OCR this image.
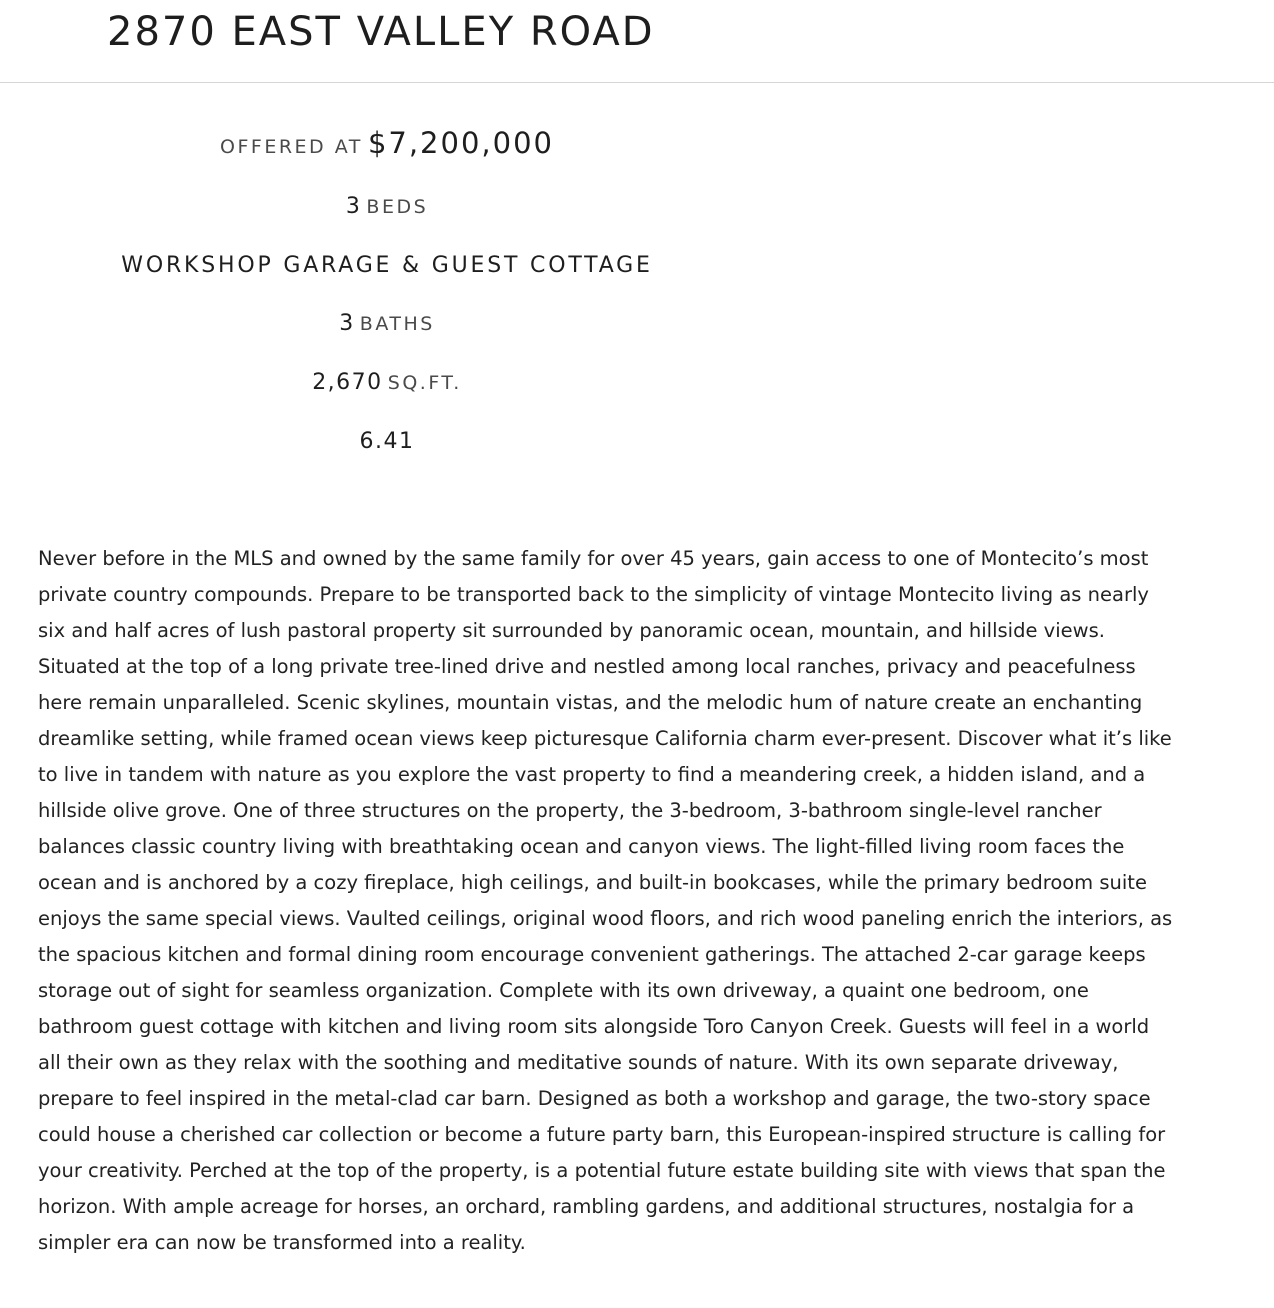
2870 EAST VALLEY ROAD
OFFERED AT $7,200,000
3 BEDS
WORKSHOP GARAGE & GUEST COTTAGE
3 BATHS
2,670 SQ.FT.
6.41

Never before in the MLS and owned by the same family for over 45 years, gain access to one of Montecito’s most private country compounds. Prepare to be transported back to the simplicity of vintage Montecito living as nearly six and half acres of lush pastoral property sit surrounded by panoramic ocean, mountain, and hillside views. Situated at the top of a long private tree-lined drive and nestled among local ranches, privacy and peacefulness here remain unparalleled. Scenic skylines, mountain vistas, and the melodic hum of nature create an enchanting dreamlike setting, while framed ocean views keep picturesque California charm ever-present. Discover what it’s like to live in tandem with nature as you explore the vast property to find a meandering creek, a hidden island, and a hillside olive grove. One of three structures on the property, the 3-bedroom, 3-bathroom single-level rancher balances classic country living with breathtaking ocean and canyon views. The light-filled living room faces the ocean and is anchored by a cozy fireplace, high ceilings, and built-in bookcases, while the primary bedroom suite enjoys the same special views. Vaulted ceilings, original wood floors, and rich wood paneling enrich the interiors, as the spacious kitchen and formal dining room encourage convenient gatherings. The attached 2-car garage keeps storage out of sight for seamless organization. Complete with its own driveway, a quaint one bedroom, one bathroom guest cottage with kitchen and living room sits alongside Toro Canyon Creek. Guests will feel in a world all their own as they relax with the soothing and meditative sounds of nature. With its own separate driveway, prepare to feel inspired in the metal-clad car barn. Designed as both a workshop and garage, the two-story space could house a cherished car collection or become a future party barn, this European-inspired structure is calling for your creativity. Perched at the top of the property, is a potential future estate building site with views that span the horizon. With ample acreage for horses, an orchard, rambling gardens, and additional structures, nostalgia for a simpler era can now be transformed into a reality.
